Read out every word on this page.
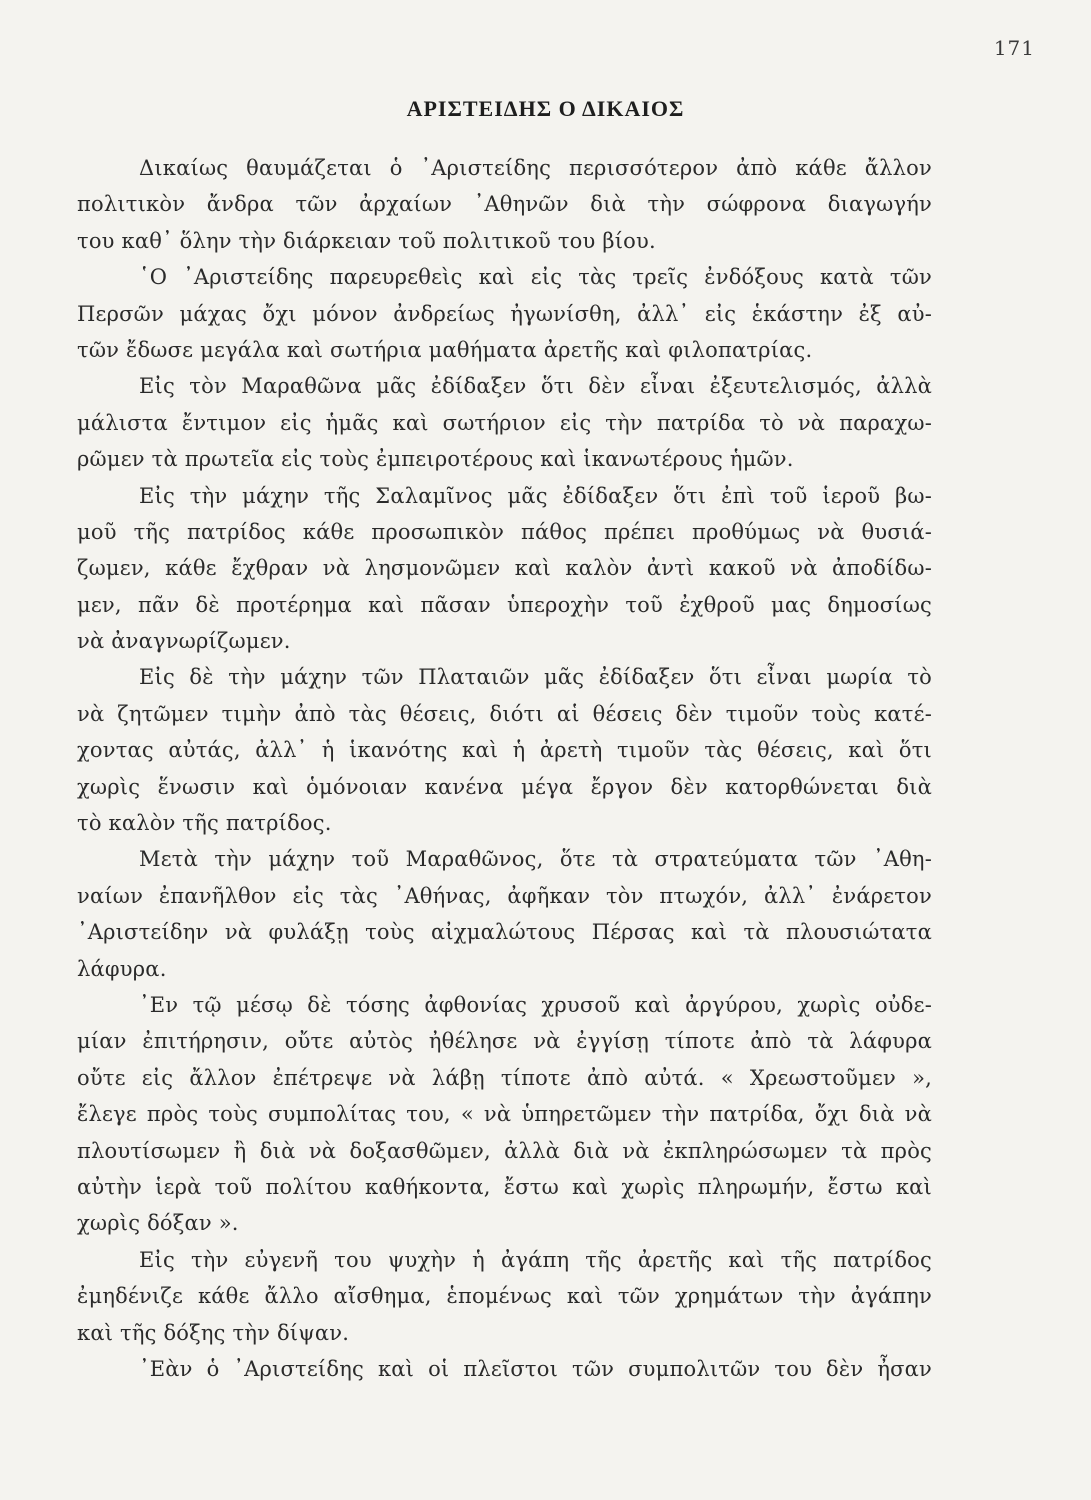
171
ΑΡΙΣΤΕΙΔΗΣ Ο ΔΙΚΑΙΟΣ
Δικαίως θαυμάζεται ὁ ᾿Αριστείδης περισσότερον ἀπὸ κάθε ἄλλον
πολιτικὸν ἄνδρα τῶν ἀρχαίων ᾿Αθηνῶν διὰ τὴν σώφρονα διαγωγήν
του καθ᾿ ὅλην τὴν διάρκειαν τοῦ πολιτικοῦ του βίου.
῾Ο ᾿Αριστείδης παρευρεθεὶς καὶ εἰς τὰς τρεῖς ἐνδόξους κατὰ τῶν
Περσῶν μάχας ὄχι μόνον ἀνδρείως ἠγωνίσθη, ἀλλ᾿ εἰς ἑκάστην ἐξ αὐ-
τῶν ἔδωσε μεγάλα καὶ σωτήρια μαθήματα ἀρετῆς καὶ φιλοπατρίας.
Εἰς τὸν Μαραθῶνα μᾶς ἐδίδαξεν ὅτι δὲν εἶναι ἐξευτελισμός, ἀλλὰ
μάλιστα ἔντιμον εἰς ἡμᾶς καὶ σωτήριον εἰς τὴν πατρίδα τὸ νὰ παραχω-
ρῶμεν τὰ πρωτεῖα εἰς τοὺς ἐμπειροτέρους καὶ ἱκανωτέρους ἡμῶν.
Εἰς τὴν μάχην τῆς Σαλαμῖνος μᾶς ἐδίδαξεν ὅτι ἐπὶ τοῦ ἱεροῦ βω-
μοῦ τῆς πατρίδος κάθε προσωπικὸν πάθος πρέπει προθύμως νὰ θυσιά-
ζωμεν, κάθε ἔχθραν νὰ λησμονῶμεν καὶ καλὸν ἀντὶ κακοῦ νὰ ἀποδίδω-
μεν, πᾶν δὲ προτέρημα καὶ πᾶσαν ὑπεροχὴν τοῦ ἐχθροῦ μας δημοσίως
νὰ ἀναγνωρίζωμεν.
Εἰς δὲ τὴν μάχην τῶν Πλαταιῶν μᾶς ἐδίδαξεν ὅτι εἶναι μωρία τὸ
νὰ ζητῶμεν τιμὴν ἀπὸ τὰς θέσεις, διότι αἱ θέσεις δὲν τιμοῦν τοὺς κατέ-
χοντας αὐτάς, ἀλλ᾿ ἡ ἱκανότης καὶ ἡ ἀρετὴ τιμοῦν τὰς θέσεις, καὶ ὅτι
χωρὶς ἕνωσιν καὶ ὁμόνοιαν κανένα μέγα ἔργον δὲν κατορθώνεται διὰ
τὸ καλὸν τῆς πατρίδος.
Μετὰ τὴν μάχην τοῦ Μαραθῶνος, ὅτε τὰ στρατεύματα τῶν ᾿Αθη-
ναίων ἐπανῆλθον εἰς τὰς ᾿Αθήνας, ἀφῆκαν τὸν πτωχόν, ἀλλ᾿ ἐνάρετον
᾿Αριστείδην νὰ φυλάξῃ τοὺς αἰχμαλώτους Πέρσας καὶ τὰ πλουσιώτατα
λάφυρα.
᾿Εν τῷ μέσῳ δὲ τόσης ἀφθονίας χρυσοῦ καὶ ἀργύρου, χωρὶς οὐδε-
μίαν ἐπιτήρησιν, οὔτε αὐτὸς ἠθέλησε νὰ ἐγγίσῃ τίποτε ἀπὸ τὰ λάφυρα
οὔτε εἰς ἄλλον ἐπέτρεψε νὰ λάβῃ τίποτε ἀπὸ αὐτά. « Χρεωστοῦμεν »,
ἔλεγε πρὸς τοὺς συμπολίτας του, « νὰ ὑπηρετῶμεν τὴν πατρίδα, ὄχι διὰ νὰ
πλουτίσωμεν ἢ διὰ νὰ δοξασθῶμεν, ἀλλὰ διὰ νὰ ἐκπληρώσωμεν τὰ πρὸς
αὐτὴν ἱερὰ τοῦ πολίτου καθήκοντα, ἔστω καὶ χωρὶς πληρωμήν, ἔστω καὶ
χωρὶς δόξαν ».
Εἰς τὴν εὐγενῆ του ψυχὴν ἡ ἀγάπη τῆς ἀρετῆς καὶ τῆς πατρίδος
ἐμηδένιζε κάθε ἄλλο αἴσθημα, ἑπομένως καὶ τῶν χρημάτων τὴν ἀγάπην
καὶ τῆς δόξης τὴν δίψαν.
᾿Εὰν ὁ ᾿Αριστείδης καὶ οἱ πλεῖστοι τῶν συμπολιτῶν του δὲν ἦσαν
